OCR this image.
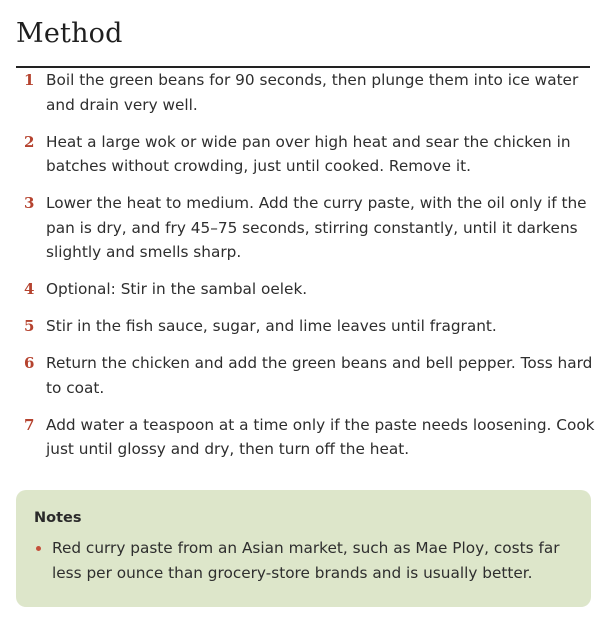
Method
1 Boil the green beans for 90 seconds, then plunge them into ice water and drain very well.
2 Heat a large wok or wide pan over high heat and sear the chicken in batches without crowding, just until cooked. Remove it.
3 Lower the heat to medium. Add the curry paste, with the oil only if the pan is dry, and fry 45–75 seconds, stirring constantly, until it darkens slightly and smells sharp.
4 Optional: Stir in the sambal oelek.
5 Stir in the fish sauce, sugar, and lime leaves until fragrant.
6 Return the chicken and add the green beans and bell pepper. Toss hard to coat.
7 Add water a teaspoon at a time only if the paste needs loosening. Cook just until glossy and dry, then turn off the heat.
Notes
Red curry paste from an Asian market, such as Mae Ploy, costs far less per ounce than grocery-store brands and is usually better.
